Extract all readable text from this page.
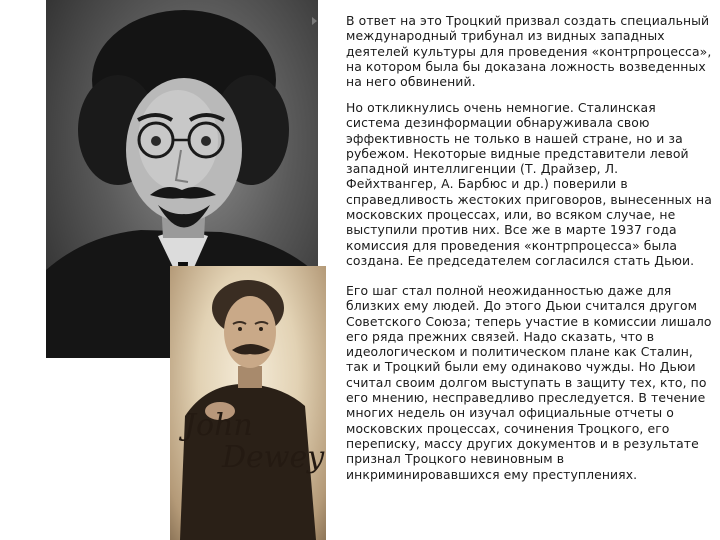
John
Dewey

В ответ на это Троцкий призвал создать специальный международный трибунал из видных западных деятелей культуры для проведения «контрпроцесса», на котором была бы доказана ложность возведенных на него обвинений.

Но откликнулись очень немногие. Сталинская система дезинформации обнаруживала свою эффективность не только в нашей стране, но и за рубежом. Некоторые видные представители левой западной интеллигенции (Т. Драйзер, Л. Фейхтвангер, А. Барбюс и др.) поверили в справедливость жестоких приговоров, вынесенных на московских процессах, или, во всяком случае, не выступили против них. Все же в марте 1937 года комиссия для проведения «контрпроцесса» была создана. Ее председателем согласился стать Дьюи.

Его шаг стал полной неожиданностью даже для близких ему людей. До этого Дьюи считался другом Советского Союза; теперь участие в комиссии лишало его ряда прежних связей. Надо сказать, что в идеологическом и политическом плане как Сталин, так и Троцкий были ему одинаково чужды. Но Дьюи считал своим долгом выступать в защиту тех, кто, по его мнению, несправедливо преследуется. В течение многих недель он изучал официальные отчеты о московских процессах, сочинения Троцкого, его переписку, массу других документов и в результате признал Троцкого невиновным в инкриминировавшихся ему преступлениях.
